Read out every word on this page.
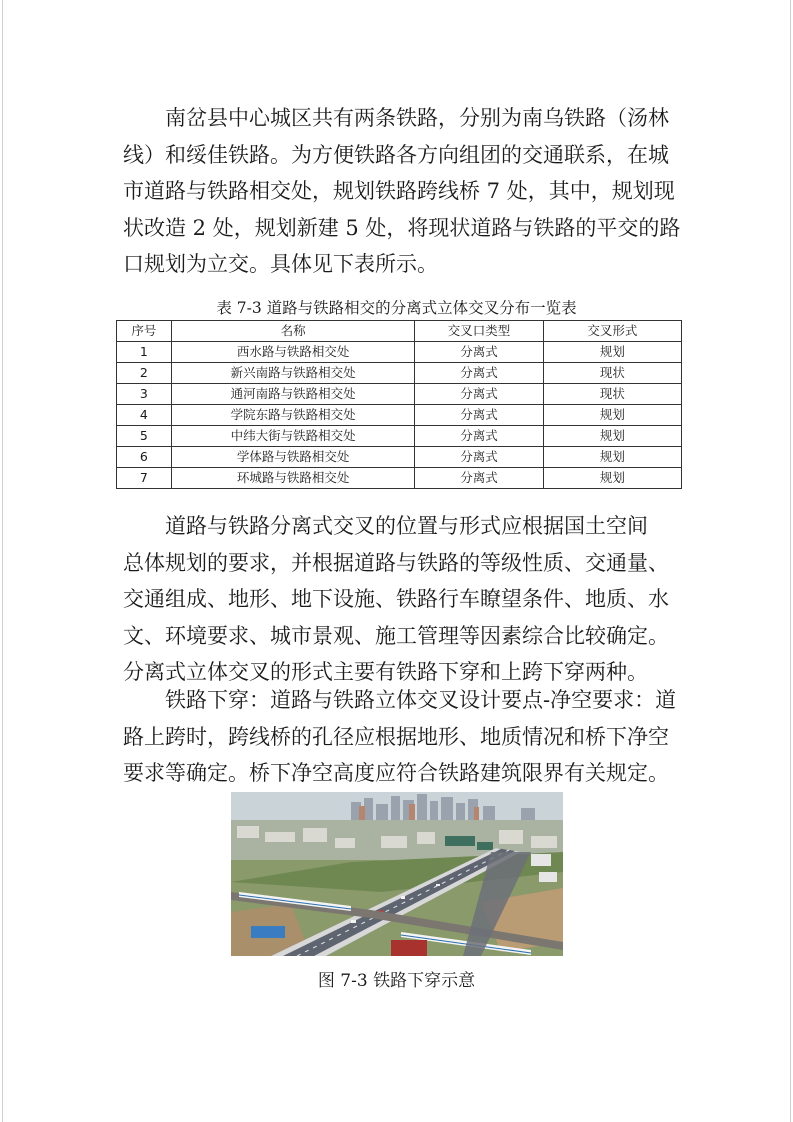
南岔县中心城区共有两条铁路，分别为南乌铁路（汤林
线）和绥佳铁路。为方便铁路各方向组团的交通联系，在城
市道路与铁路相交处，规划铁路跨线桥 7 处，其中，规划现
状改造 2 处，规划新建 5 处，将现状道路与铁路的平交的路
口规划为立交。具体见下表所示。

表 7-3 道路与铁路相交的分离式立体交叉分布一览表

序号	名称	交叉口类型	交叉形式
1	西水路与铁路相交处	分离式	规划
2	新兴南路与铁路相交处	分离式	现状
3	通河南路与铁路相交处	分离式	现状
4	学院东路与铁路相交处	分离式	规划
5	中纬大街与铁路相交处	分离式	规划
6	学体路与铁路相交处	分离式	规划
7	环城路与铁路相交处	分离式	规划
道路与铁路分离式交叉的位置与形式应根据国土空间
总体规划的要求，并根据道路与铁路的等级性质、交通量、
交通组成、地形、地下设施、铁路行车瞭望条件、地质、水
文、环境要求、城市景观、施工管理等因素综合比较确定。
分离式立体交叉的形式主要有铁路下穿和上跨下穿两种。
铁路下穿：道路与铁路立体交叉设计要点-净空要求：道
路上跨时，跨线桥的孔径应根据地形、地质情况和桥下净空
要求等确定。桥下净空高度应符合铁路建筑限界有关规定。

图 7-3 铁路下穿示意
